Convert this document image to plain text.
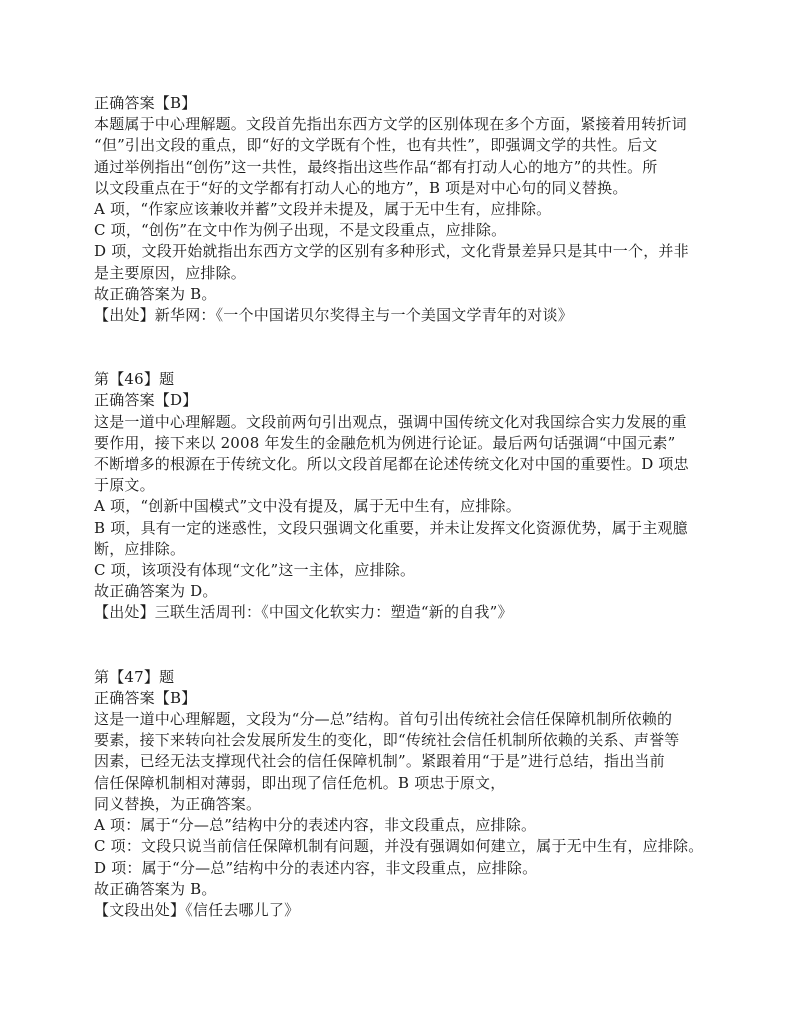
正确答案【B】
本题属于中心理解题。文段首先指出东西方文学的区别体现在多个方面，紧接着用转折词
“但”引出文段的重点，即“好的文学既有个性，也有共性”，即强调文学的共性。后文
通过举例指出“创伤”这一共性，最终指出这些作品“都有打动人心的地方”的共性。所
以文段重点在于“好的文学都有打动人心的地方”，B 项是对中心句的同义替换。
A 项，“作家应该兼收并蓄”文段并未提及，属于无中生有，应排除。
C 项，“创伤”在文中作为例子出现，不是文段重点，应排除。
D 项，文段开始就指出东西方文学的区别有多种形式，文化背景差异只是其中一个，并非
是主要原因，应排除。
故正确答案为 B。
【出处】新华网：《一个中国诺贝尔奖得主与一个美国文学青年的对谈》
第【46】题
正确答案【D】
这是一道中心理解题。文段前两句引出观点，强调中国传统文化对我国综合实力发展的重
要作用，接下来以 2008 年发生的金融危机为例进行论证。最后两句话强调“中国元素”
不断增多的根源在于传统文化。所以文段首尾都在论述传统文化对中国的重要性。D 项忠
于原文。
A 项，“创新中国模式”文中没有提及，属于无中生有，应排除。
B 项，具有一定的迷惑性，文段只强调文化重要，并未让发挥文化资源优势，属于主观臆
断，应排除。
C 项，该项没有体现“文化”这一主体，应排除。
故正确答案为 D。
【出处】三联生活周刊：《中国文化软实力：塑造“新的自我”》
第【47】题
正确答案【B】
这是一道中心理解题，文段为“分—总”结构。首句引出传统社会信任保障机制所依赖的
要素，接下来转向社会发展所发生的变化，即“传统社会信任机制所依赖的关系、声誉等
因素，已经无法支撑现代社会的信任保障机制”。紧跟着用“于是”进行总结，指出当前
信任保障机制相对薄弱，即出现了信任危机。B 项忠于原文，
同义替换，为正确答案。
A 项：属于“分—总”结构中分的表述内容，非文段重点，应排除。
C 项：文段只说当前信任保障机制有问题，并没有强调如何建立，属于无中生有，应排除。
D 项：属于“分—总”结构中分的表述内容，非文段重点，应排除。
故正确答案为 B。
【文段出处】《信任去哪儿了》
